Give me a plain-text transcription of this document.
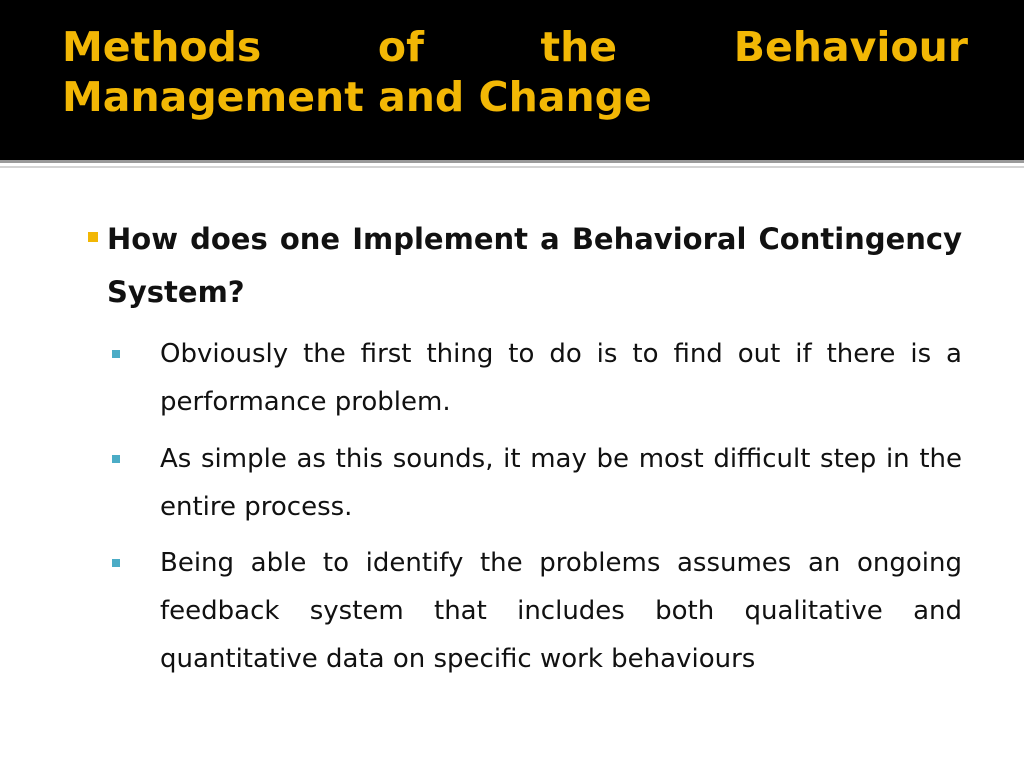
Methods of the Behaviour
Management and Change

How does one Implement a Behavioral Contingency System?

Obviously the first thing to do is to find out if there is a performance problem.

As simple as this sounds, it may be most difficult step in the entire process.

Being able to identify the problems assumes an ongoing feedback system that includes both qualitative and quantitative data on specific work behaviours
